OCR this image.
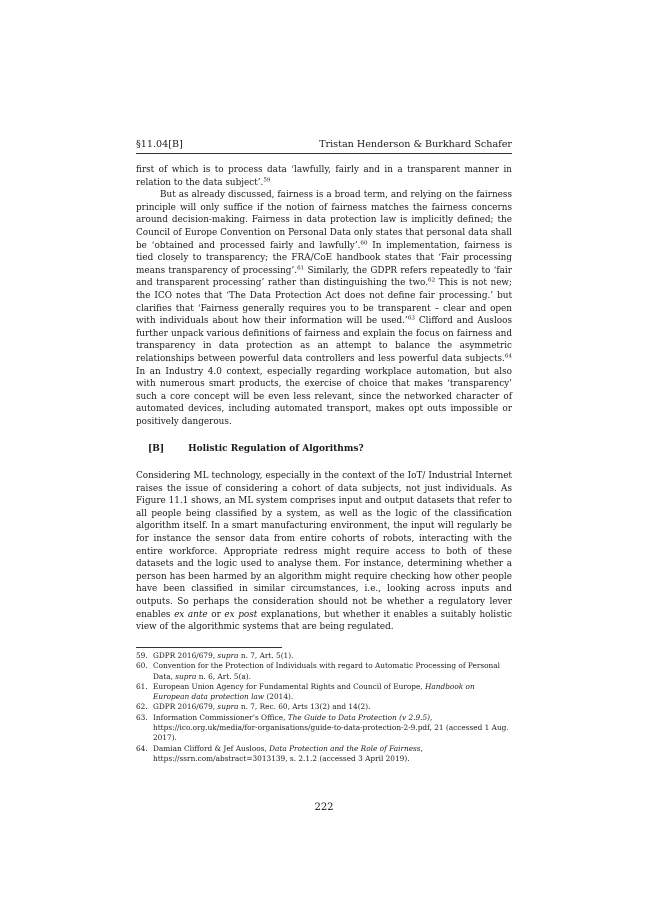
§11.04[B]	Tristan Henderson & Burkhard Schafer

first of which is to process data ‘lawfully, fairly and in a transparent manner in relation to the data subject’.$^{59}$

But as already discussed, fairness is a broad term, and relying on the fairness principle will only suffice if the notion of fairness matches the fairness concerns around decision-making. Fairness in data protection law is implicitly defined; the Council of Europe Convention on Personal Data only states that personal data shall be ‘obtained and processed fairly and lawfully’.$^{60}$ In implementation, fairness is tied closely to transparency; the FRA/CoE handbook states that ‘Fair processing means transparency of processing’.$^{61}$ Similarly, the GDPR refers repeatedly to ‘fair and transparent processing’ rather than distinguishing the two.$^{62}$ This is not new; the ICO notes that ‘The Data Protection Act does not define fair processing.’ but clarifies that ‘Fairness generally requires you to be transparent – clear and open with individuals about how their information will be used.’$^{63}$ Clifford and Ausloos further unpack various definitions of fairness and explain the focus on fairness and transparency in data protection as an attempt to balance the asymmetric relationships between powerful data controllers and less powerful data subjects.$^{64}$ In an Industry 4.0 context, especially regarding workplace automation, but also with numerous smart products, the exercise of choice that makes ‘transparency’ such a core concept will be even less relevant, since the networked character of automated devices, including automated transport, makes opt outs impossible or positively dangerous.

[B]	Holistic Regulation of Algorithms?

Considering ML technology, especially in the context of the IoT/ Industrial Internet raises the issue of considering a cohort of data subjects, not just individuals. As Figure 11.1 shows, an ML system comprises input and output datasets that refer to all people being classified by a system, as well as the logic of the classification algorithm itself. In a smart manufacturing environment, the input will regularly be for instance the sensor data from entire cohorts of robots, interacting with the entire workforce. Appropriate redress might require access to both of these datasets and the logic used to analyse them. For instance, determining whether a person has been harmed by an algorithm might require checking how other people have been classified in similar circumstances, i.e., looking across inputs and outputs. So perhaps the consideration should not be whether a regulatory lever enables ex ante or ex post explanations, but whether it enables a suitably holistic view of the algorithmic systems that are being regulated.

59. GDPR 2016/679, supra n. 7, Art. 5(1).
60. Convention for the Protection of Individuals with regard to Automatic Processing of Personal Data, supra n. 6, Art. 5(a).
61. European Union Agency for Fundamental Rights and Council of Europe, Handbook on European data protection law (2014).
62. GDPR 2016/679, supra n. 7, Rec. 60, Arts 13(2) and 14(2).
63. Information Commissioner’s Office, The Guide to Data Protection (v 2.9.5), https://ico.org.uk/media/for-organisations/guide-to-data-protection-2-9.pdf, 21 (accessed 1 Aug. 2017).
64. Damian Clifford & Jef Ausloos, Data Protection and the Role of Fairness, https://ssrn.com/abstract=3013139, s. 2.1.2 (accessed 3 April 2019).
222
